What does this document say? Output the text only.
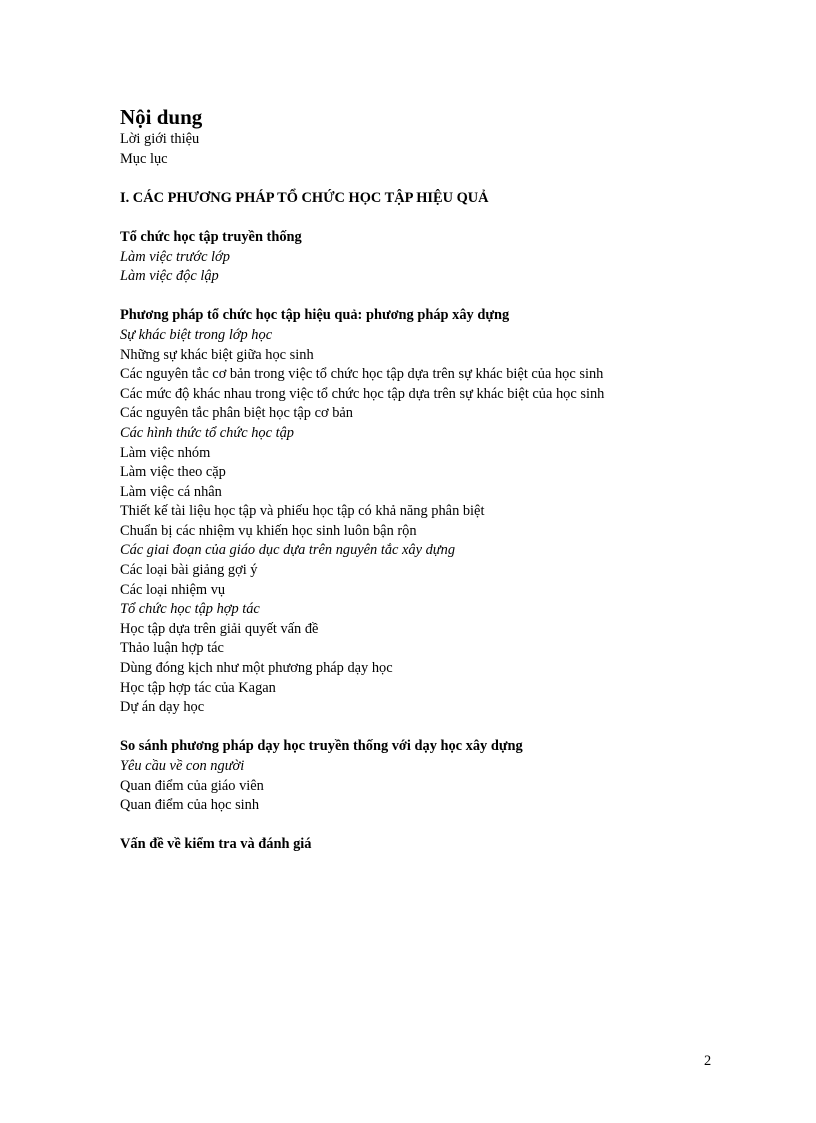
Nội dung
Lời giới thiệu
Mục lục
I. CÁC PHƯƠNG PHÁP TỔ CHỨC HỌC TẬP HIỆU QUẢ
Tổ chức học tập truyền thống
Làm việc trước lớp
Làm việc độc lập
Phương pháp tổ chức học tập hiệu quả: phương pháp xây dựng
Sự khác biệt trong lớp học
Những sự khác biệt giữa học sinh
Các nguyên tắc cơ bản trong việc tổ chức học tập dựa trên sự khác biệt của học sinh
Các mức độ khác nhau trong việc tổ chức học tập dựa trên sự khác biệt của học sinh
Các nguyên tắc phân biệt học tập cơ bản
Các hình thức tổ chức học tập
Làm việc nhóm
Làm việc theo cặp
Làm việc cá nhân
Thiết kế tài liệu học tập và phiếu học tập có khả năng phân biệt
Chuẩn bị các nhiệm vụ khiến học sinh luôn bận rộn
Các giai đoạn của giáo dục dựa trên nguyên tắc xây dựng
Các loại bài giảng gợi ý
Các loại nhiệm vụ
Tổ chức học tập hợp tác
Học tập dựa trên giải quyết vấn đề
Thảo luận hợp tác
Dùng đóng kịch như một phương pháp dạy học
Học tập hợp tác của Kagan
Dự án dạy học
So sánh phương pháp dạy học truyền thống với dạy học xây dựng
Yêu cầu về con người
Quan điểm của giáo viên
Quan điểm của học sinh
Vấn đề về kiểm tra và đánh giá
2
